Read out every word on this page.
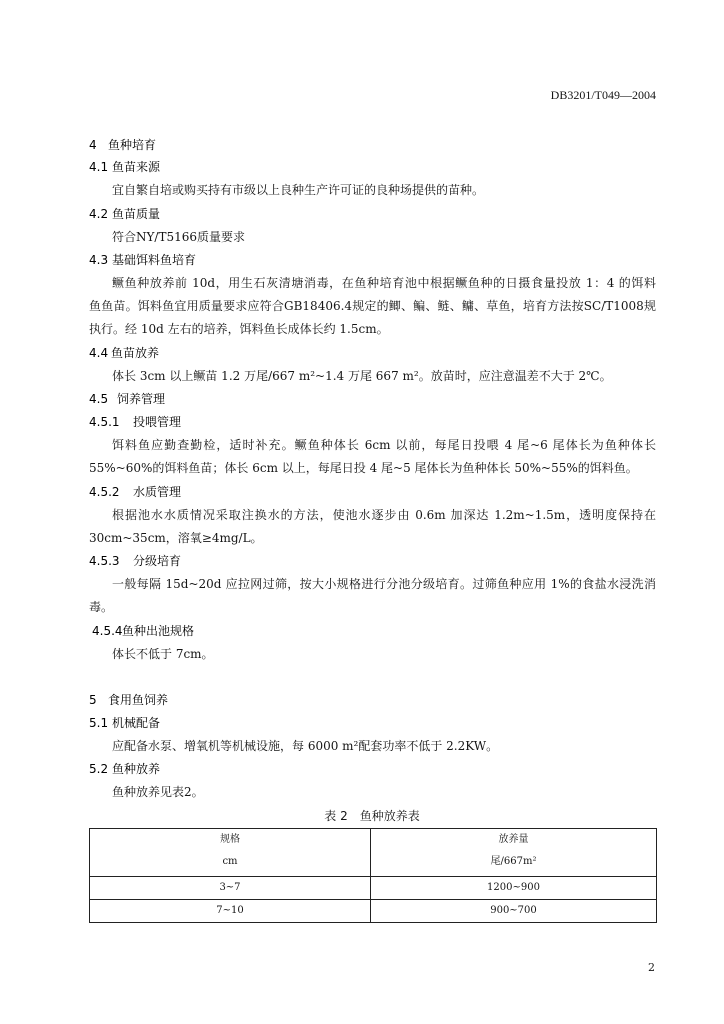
DB3201/T049—2004
4 鱼种培育
4.1 鱼苗来源
宜自繁自培或购买持有市级以上良种生产许可证的良种场提供的苗种。
4.2 鱼苗质量
符合NY/T5166质量要求
4.3 基础饵料鱼培育
鳜鱼种放养前 10d，用生石灰清塘消毒，在鱼种培育池中根据鳜鱼种的日摄食量投放 1：4 的饵料
鱼鱼苗。饵料鱼宜用质量要求应符合GB18406.4规定的鲫、鳊、鲢、鳙、草鱼，培育方法按SC/T1008规
执行。经 10d 左右的培养，饵料鱼长成体长约 1.5cm。
4.4 鱼苗放养
体长 3cm 以上鳜苗 1.2 万尾/667 m²~1.4 万尾 667 m²。放苗时，应注意温差不大于 2℃。
4.5 饲养管理
4.5.1 投喂管理
饵料鱼应勤查勤检，适时补充。鳜鱼种体长 6cm 以前，每尾日投喂 4 尾~6 尾体长为鱼种体长
55%~60%的饵料鱼苗；体长 6cm 以上，每尾日投 4 尾~5 尾体长为鱼种体长 50%~55%的饵料鱼。
4.5.2 水质管理
根据池水水质情况采取注换水的方法，使池水逐步由 0.6m 加深达 1.2m~1.5m，透明度保持在
30cm~35cm，溶氧≥4mg/L。
4.5.3 分级培育
一般每隔 15d~20d 应拉网过筛，按大小规格进行分池分级培育。过筛鱼种应用 1%的食盐水浸洗消
毒。
4.5.4 鱼种出池规格
体长不低于 7cm。
5 食用鱼饲养
5.1 机械配备
应配备水泵、增氧机等机械设施，每 6000 m²配套功率不低于 2.2KW。
5.2 鱼种放养
鱼种放养见表2。
表 2 鱼种放养表
规格
cm
放养量
尾/667m²
3~7	1200~900
7~10	900~700
2
